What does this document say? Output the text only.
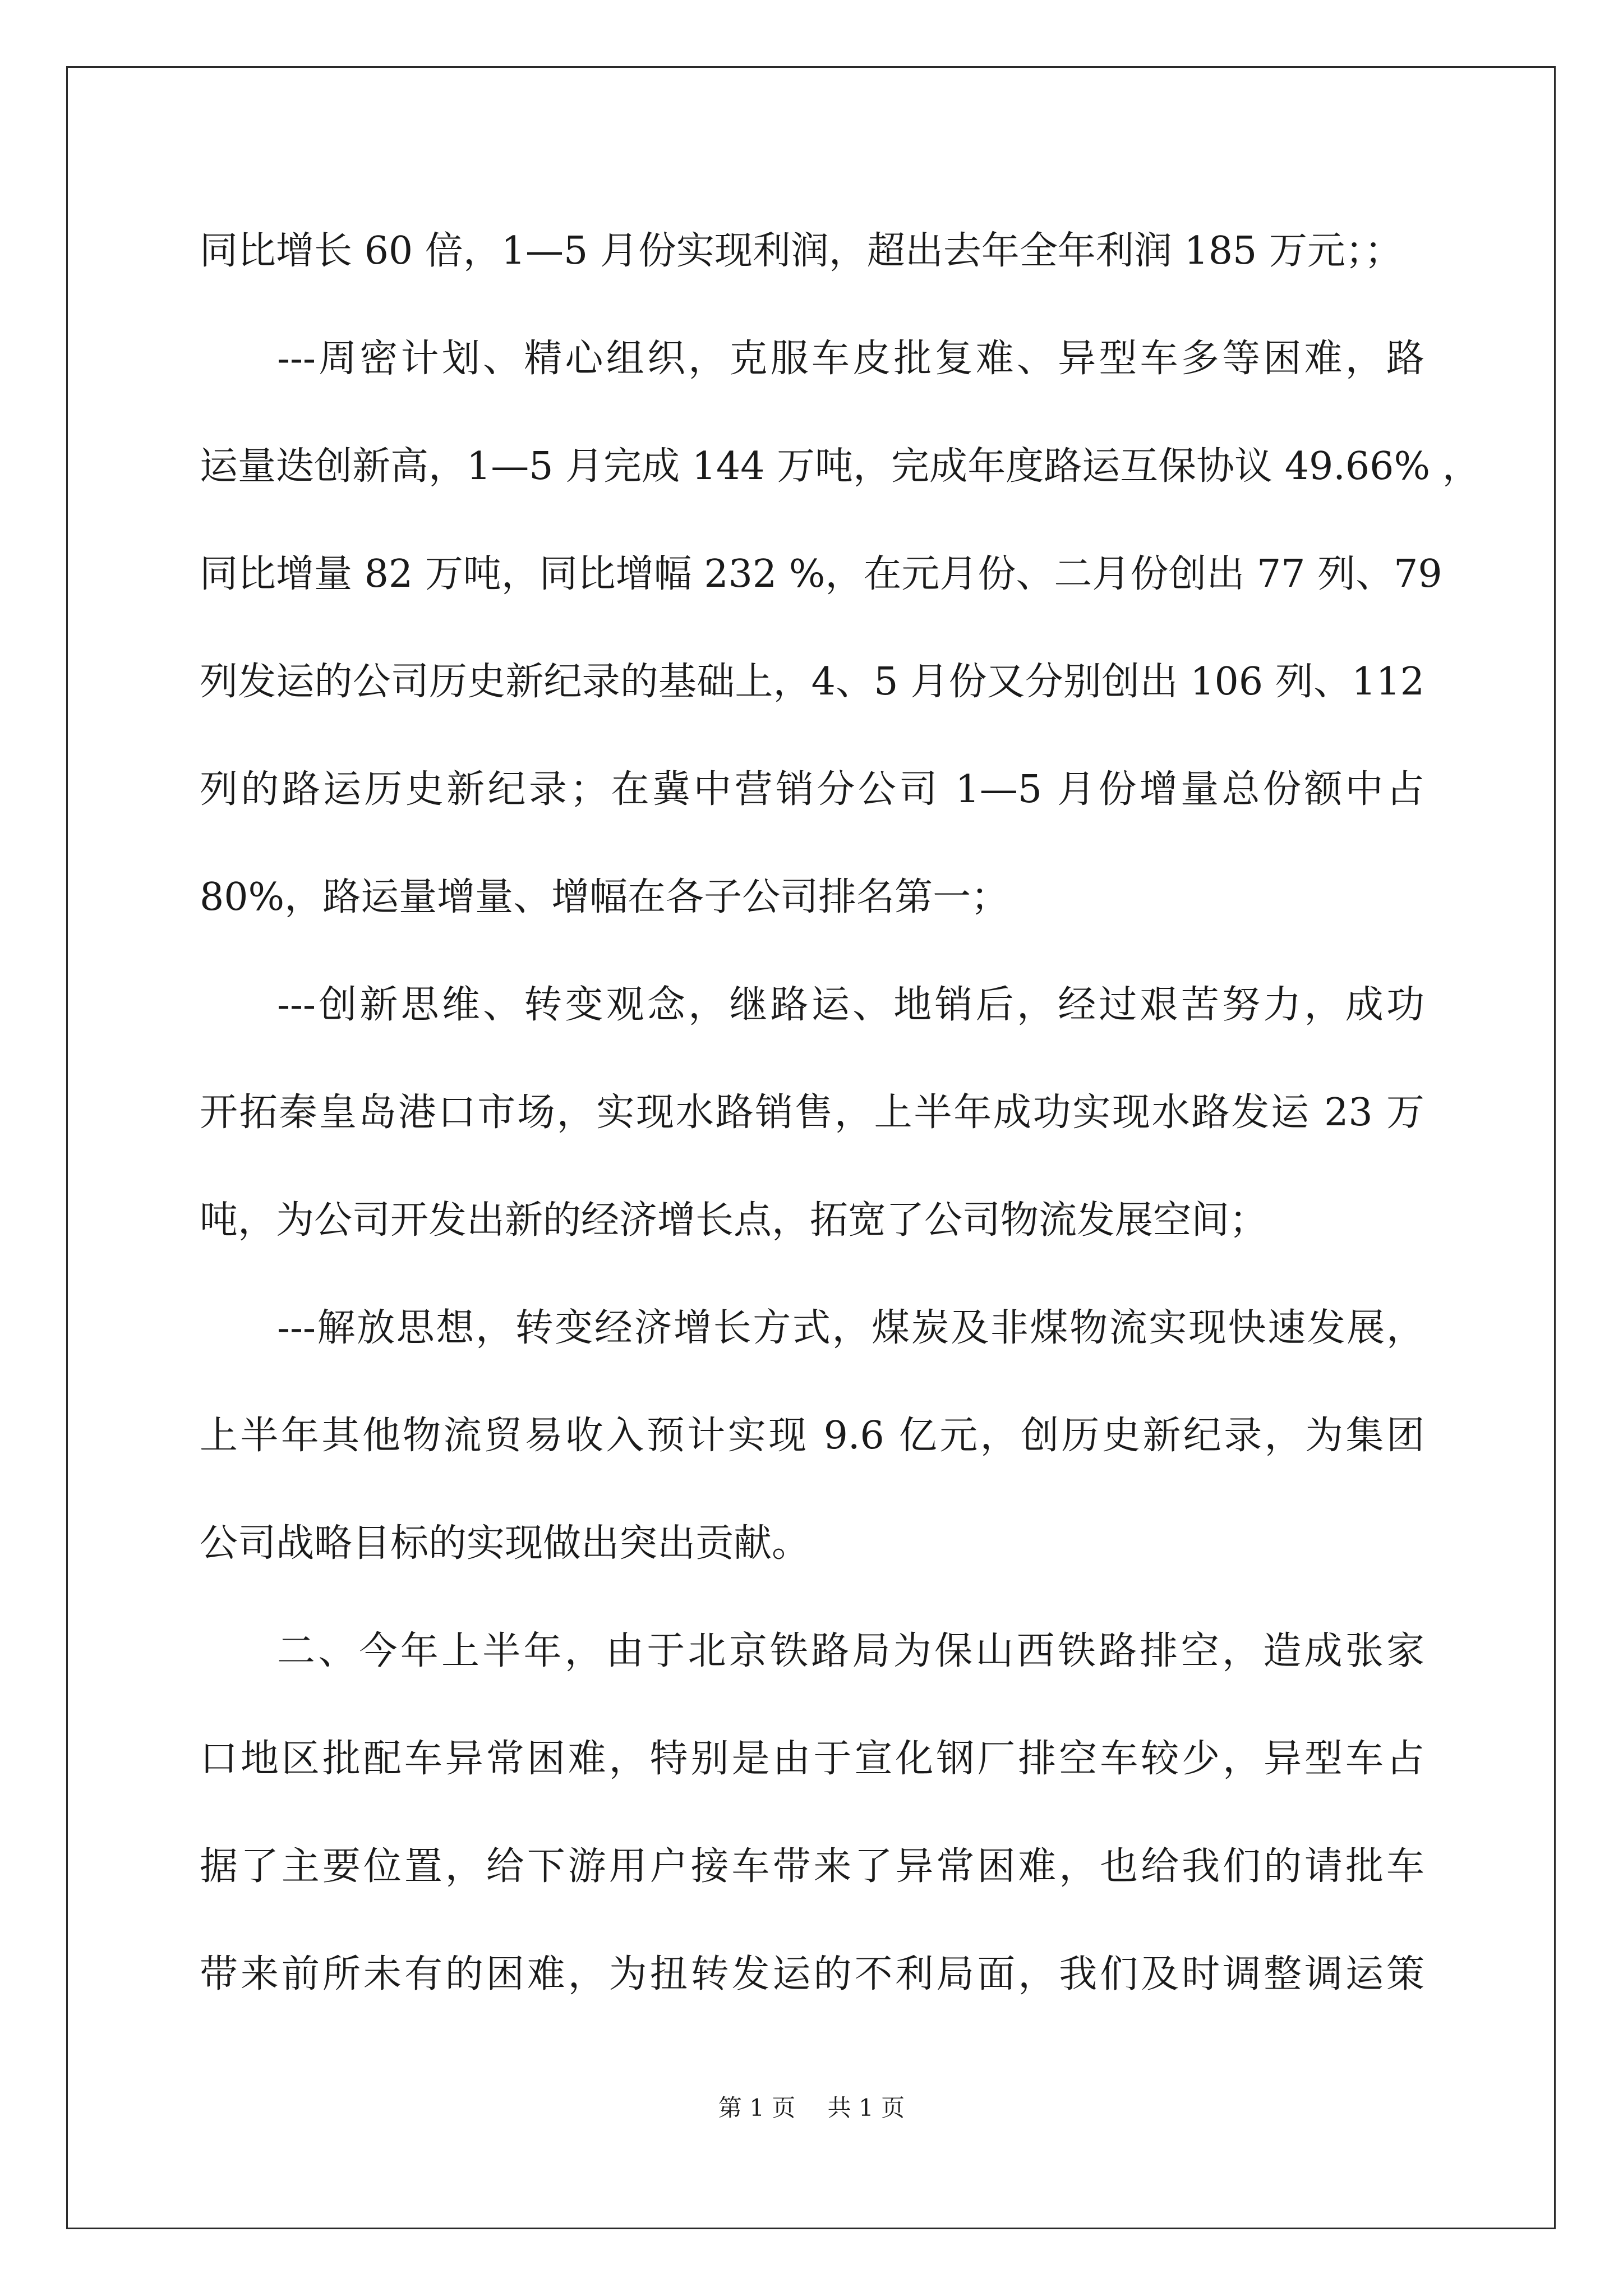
同比增长 60 倍，1—5 月份实现利润，超出去年全年利润 185 万元；；
---周密计划、精心组织，克服车皮批复难、异型车多等困难，路
运量迭创新高，1—5 月完成 144 万吨，完成年度路运互保协议 49.66% ，
同比增量 82 万吨，同比增幅 232 %，在元月份、二月份创出 77 列、79
列发运的公司历史新纪录的基础上，4、5 月份又分别创出 106 列、112
列的路运历史新纪录；在冀中营销分公司 1—5 月份增量总份额中占
80%，路运量增量、增幅在各子公司排名第一；
---创新思维、转变观念，继路运、地销后，经过艰苦努力，成功
开拓秦皇岛港口市场，实现水路销售，上半年成功实现水路发运 23 万
吨，为公司开发出新的经济增长点，拓宽了公司物流发展空间；
---解放思想，转变经济增长方式，煤炭及非煤物流实现快速发展，
上半年其他物流贸易收入预计实现 9.6 亿元，创历史新纪录，为集团
公司战略目标的实现做出突出贡献。
二、今年上半年，由于北京铁路局为保山西铁路排空，造成张家
口地区批配车异常困难，特别是由于宣化钢厂排空车较少，异型车占
据了主要位置，给下游用户接车带来了异常困难，也给我们的请批车
带来前所未有的困难，为扭转发运的不利局面，我们及时调整调运策
第 1 页 共 1 页
